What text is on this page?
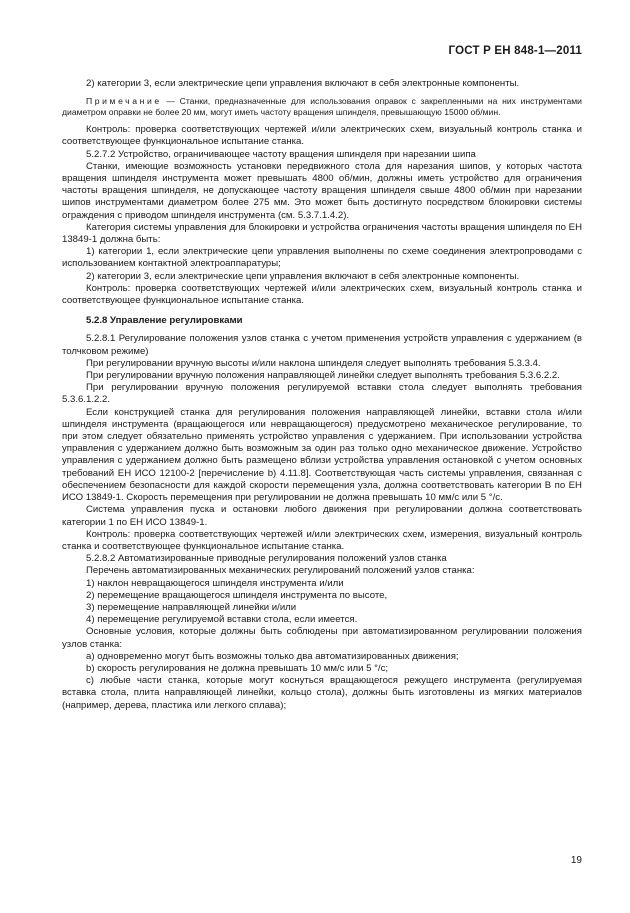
ГОСТ Р ЕН 848-1—2011

2) категории 3, если электрические цепи управления включают в себя электронные компоненты.

Примечание — Станки, предназначенные для использования оправок с закрепленными на них инструментами диаметром оправки не более 20 мм, могут иметь частоту вращения шпинделя, превышающую 15000 об/мин.

Контроль: проверка соответствующих чертежей и/или электрических схем, визуальный контроль станка и соответствующее функциональное испытание станка.

5.2.7.2 Устройство, ограничивающее частоту вращения шпинделя при нарезании шипа

Станки, имеющие возможность установки передвижного стола для нарезания шипов, у которых частота вращения шпинделя инструмента может превышать 4800 об/мин, должны иметь устройство для ограничения частоты вращения шпинделя, не допускающее частоту вращения шпинделя свыше 4800 об/мин при нарезании шипов инструментами диаметром более 275 мм. Это может быть достигнуто посредством блокировки системы ограждения с приводом шпинделя инструмента (см. 5.3.7.1.4.2).

Категория системы управления для блокировки и устройства ограничения частоты вращения шпинделя по ЕН 13849-1 должна быть:

1) категории 1, если электрические цепи управления выполнены по схеме соединения электропроводами с использованием контактной электроаппаратуры;

2) категории 3, если электрические цепи управления включают в себя электронные компоненты.

Контроль: проверка соответствующих чертежей и/или электрических схем, визуальный контроль станка и соответствующее функциональное испытание станка.

5.2.8 Управление регулировками

5.2.8.1 Регулирование положения узлов станка с учетом применения устройств управления с удержанием (в толчковом режиме)

При регулировании вручную высоты и/или наклона шпинделя следует выполнять требования 5.3.3.4.

При регулировании вручную положения направляющей линейки следует выполнять требования 5.3.6.2.2.

При регулировании вручную положения регулируемой вставки стола следует выполнять требования 5.3.6.1.2.2.

Если конструкцией станка для регулирования положения направляющей линейки, вставки стола и/или шпинделя инструмента (вращающегося или невращающегося) предусмотрено механическое регулирование, то при этом следует обязательно применять устройство управления с удержанием. При использовании устройства управления с удержанием должно быть возможным за один раз только одно механическое движение. Устройство управления с удержанием должно быть размещено вблизи устройства управления остановкой с учетом основных требований ЕН ИСО 12100-2 [перечисление b) 4.11.8]. Соответствующая часть системы управления, связанная с обеспечением безопасности для каждой скорости перемещения узла, должна соответствовать категории В по ЕН ИСО 13849-1. Скорость перемещения при регулировании не должна превышать 10 мм/с или 5 °/с.

Система управления пуска и остановки любого движения при регулировании должна соответствовать категории 1 по ЕН ИСО 13849-1.

Контроль: проверка соответствующих чертежей и/или электрических схем, измерения, визуальный контроль станка и соответствующее функциональное испытание станка.

5.2.8.2 Автоматизированные приводные регулирования положений узлов станка

Перечень автоматизированных механических регулирований положений узлов станка:

1) наклон невращающегося шпинделя инструмента и/или

2) перемещение вращающегося шпинделя инструмента по высоте,

3) перемещение направляющей линейки и/или

4) перемещение регулируемой вставки стола, если имеется.

Основные условия, которые должны быть соблюдены при автоматизированном регулировании положения узлов станка:

a) одновременно могут быть возможны только два автоматизированных движения;

b) скорость регулирования не должна превышать 10 мм/с или 5 °/с;

c) любые части станка, которые могут коснуться вращающегося режущего инструмента (регулируемая вставка стола, плита направляющей линейки, кольцо стола), должны быть изготовлены из мягких материалов (например, дерева, пластика или легкого сплава);

19
